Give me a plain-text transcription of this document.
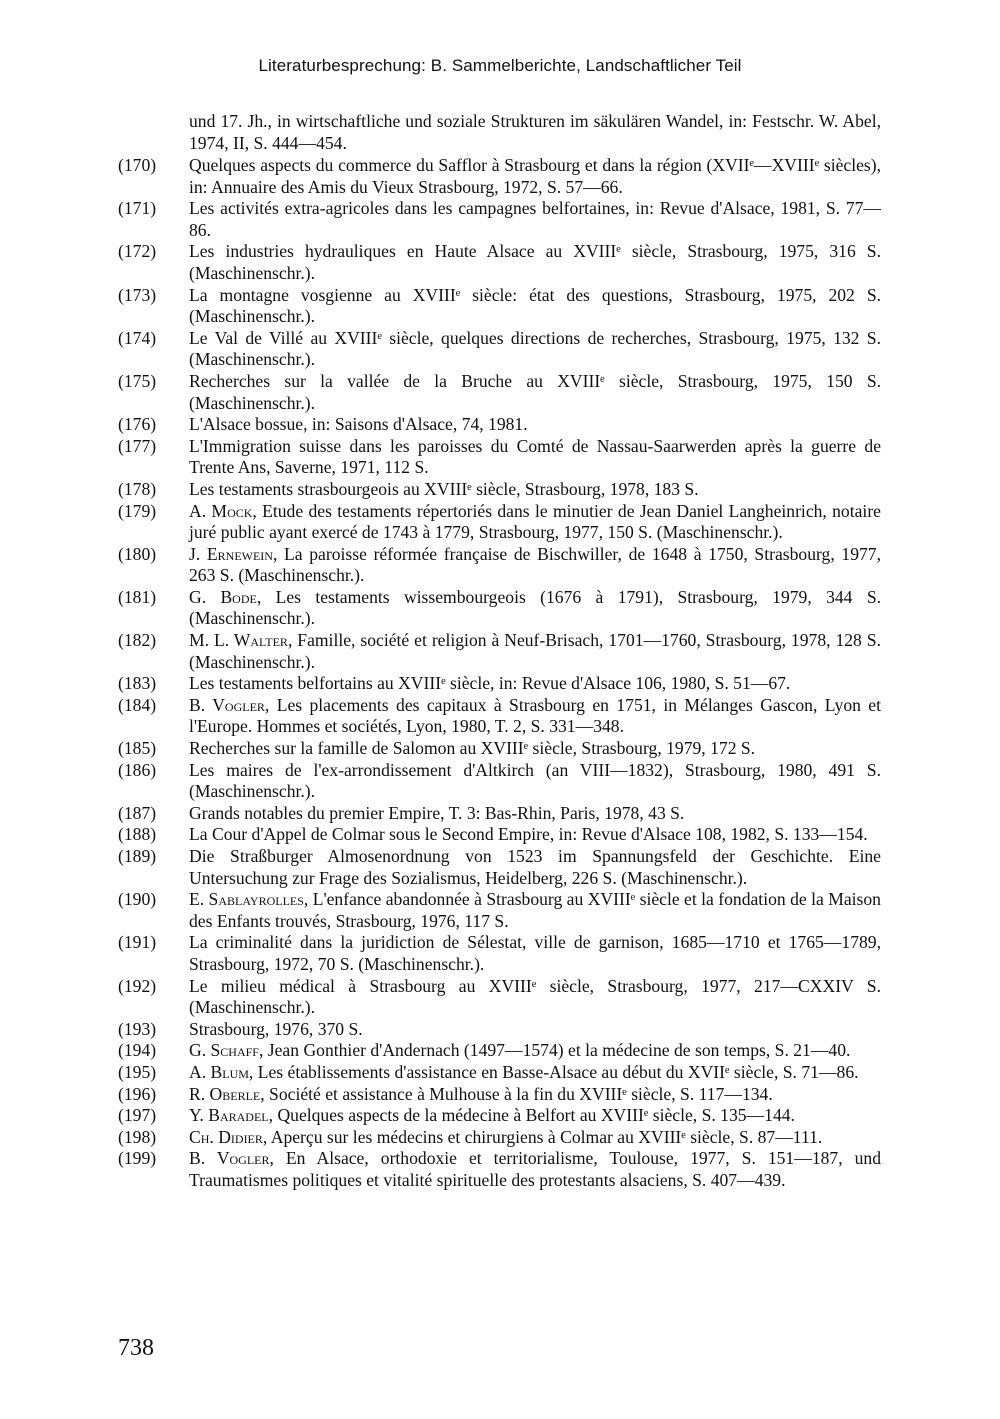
Literaturbesprechung: B. Sammelberichte, Landschaftlicher Teil

und 17. Jh., in wirtschaftliche und soziale Strukturen im säkulären Wandel, in: Festschr. W. Abel, 1974, II, S. 444—454.

(170) Quelques aspects du commerce du Safflor à Strasbourg et dans la région (XVIIᵉ—XVIIIᵉ siècles), in: Annuaire des Amis du Vieux Strasbourg, 1972, S. 57—66.

(171) Les activités extra-agricoles dans les campagnes belfortaines, in: Revue d'Alsace, 1981, S. 77—86.

(172) Les industries hydrauliques en Haute Alsace au XVIIIᵉ siècle, Strasbourg, 1975, 316 S. (Maschinenschr.).

(173) La montagne vosgienne au XVIIIᵉ siècle: état des questions, Strasbourg, 1975, 202 S. (Maschinenschr.).

(174) Le Val de Villé au XVIIIᵉ siècle, quelques directions de recherches, Strasbourg, 1975, 132 S. (Maschinenschr.).

(175) Recherches sur la vallée de la Bruche au XVIIIᵉ siècle, Strasbourg, 1975, 150 S. (Maschinenschr.).

(176) L'Alsace bossue, in: Saisons d'Alsace, 74, 1981.

(177) L'Immigration suisse dans les paroisses du Comté de Nassau-Saarwerden après la guerre de Trente Ans, Saverne, 1971, 112 S.

(178) Les testaments strasbourgeois au XVIIIᵉ siècle, Strasbourg, 1978, 183 S.

(179) A. Mock, Etude des testaments répertoriés dans le minutier de Jean Daniel Langheinrich, notaire juré public ayant exercé de 1743 à 1779, Strasbourg, 1977, 150 S. (Maschinenschr.).

(180) J. Ernewein, La paroisse réformée française de Bischwiller, de 1648 à 1750, Strasbourg, 1977, 263 S. (Maschinenschr.).

(181) G. Bode, Les testaments wissembourgeois (1676 à 1791), Strasbourg, 1979, 344 S. (Maschinenschr.).

(182) M. L. Walter, Famille, société et religion à Neuf-Brisach, 1701—1760, Strasbourg, 1978, 128 S. (Maschinenschr.).

(183) Les testaments belfortains au XVIIIᵉ siècle, in: Revue d'Alsace 106, 1980, S. 51—67.

(184) B. Vogler, Les placements des capitaux à Strasbourg en 1751, in Mélanges Gascon, Lyon et l'Europe. Hommes et sociétés, Lyon, 1980, T. 2, S. 331—348.

(185) Recherches sur la famille de Salomon au XVIIIᵉ siècle, Strasbourg, 1979, 172 S.

(186) Les maires de l'ex-arrondissement d'Altkirch (an VIII—1832), Strasbourg, 1980, 491 S. (Maschinenschr.).

(187) Grands notables du premier Empire, T. 3: Bas-Rhin, Paris, 1978, 43 S.

(188) La Cour d'Appel de Colmar sous le Second Empire, in: Revue d'Alsace 108, 1982, S. 133—154.

(189) Die Straßburger Almosenordnung von 1523 im Spannungsfeld der Geschichte. Eine Untersuchung zur Frage des Sozialismus, Heidelberg, 226 S. (Maschinenschr.).

(190) E. Sablayrolles, L'enfance abandonnée à Strasbourg au XVIIIᵉ siècle et la fondation de la Maison des Enfants trouvés, Strasbourg, 1976, 117 S.

(191) La criminalité dans la juridiction de Sélestat, ville de garnison, 1685—1710 et 1765—1789, Strasbourg, 1972, 70 S. (Maschinenschr.).

(192) Le milieu médical à Strasbourg au XVIIIᵉ siècle, Strasbourg, 1977, 217—CXXIV S. (Maschinenschr.).

(193) Strasbourg, 1976, 370 S.

(194) G. Schaff, Jean Gonthier d'Andernach (1497—1574) et la médecine de son temps, S. 21—40.

(195) A. Blum, Les établissements d'assistance en Basse-Alsace au début du XVIIᵉ siècle, S. 71—86.

(196) R. Oberle, Société et assistance à Mulhouse à la fin du XVIIIᵉ siècle, S. 117—134.

(197) Y. Baradel, Quelques aspects de la médecine à Belfort au XVIIIᵉ siècle, S. 135—144.

(198) Ch. Didier, Aperçu sur les médecins et chirurgiens à Colmar au XVIIIᵉ siècle, S. 87—111.

(199) B. Vogler, En Alsace, orthodoxie et territorialisme, Toulouse, 1977, S. 151—187, und Traumatismes politiques et vitalité spirituelle des protestants alsaciens, S. 407—439.

738
